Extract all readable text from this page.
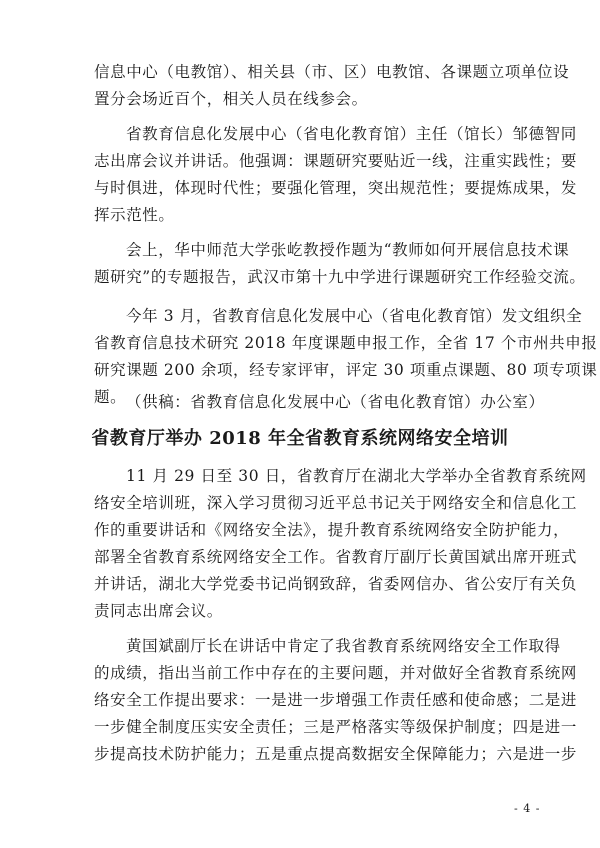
信息中心（电教馆）、相关县（市、区）电教馆、各课题立项单位设
置分会场近百个，相关人员在线参会。
省教育信息化发展中心（省电化教育馆）主任（馆长）邹德智同
志出席会议并讲话。他强调：课题研究要贴近一线，注重实践性；要
与时俱进，体现时代性；要强化管理，突出规范性；要提炼成果，发
挥示范性。
会上，华中师范大学张屹教授作题为“教师如何开展信息技术课
题研究”的专题报告，武汉市第十九中学进行课题研究工作经验交流。
今年 3 月，省教育信息化发展中心（省电化教育馆）发文组织全
省教育信息技术研究 2018 年度课题申报工作，全省 17 个市州共申报
研究课题 200 余项，经专家评审，评定 30 项重点课题、80 项专项课
省教育厅举办 2018 年全省教育系统网络安全培训
11 月 29 日至 30 日，省教育厅在湖北大学举办全省教育系统网
络安全培训班，深入学习贯彻习近平总书记关于网络安全和信息化工
作的重要讲话和《网络安全法》，提升教育系统网络安全防护能力，
部署全省教育系统网络安全工作。省教育厅副厅长黄国斌出席开班式
并讲话，湖北大学党委书记尚钢致辞，省委网信办、省公安厅有关负
责同志出席会议。
黄国斌副厅长在讲话中肯定了我省教育系统网络安全工作取得
的成绩，指出当前工作中存在的主要问题，并对做好全省教育系统网
络安全工作提出要求：一是进一步增强工作责任感和使命感；二是进
一步健全制度压实安全责任；三是严格落实等级保护制度；四是进一
步提高技术防护能力；五是重点提高数据安全保障能力；六是进一步
- 4 -
题。 （供稿：省教育信息化发展中心（省电化教育馆）办公室）
